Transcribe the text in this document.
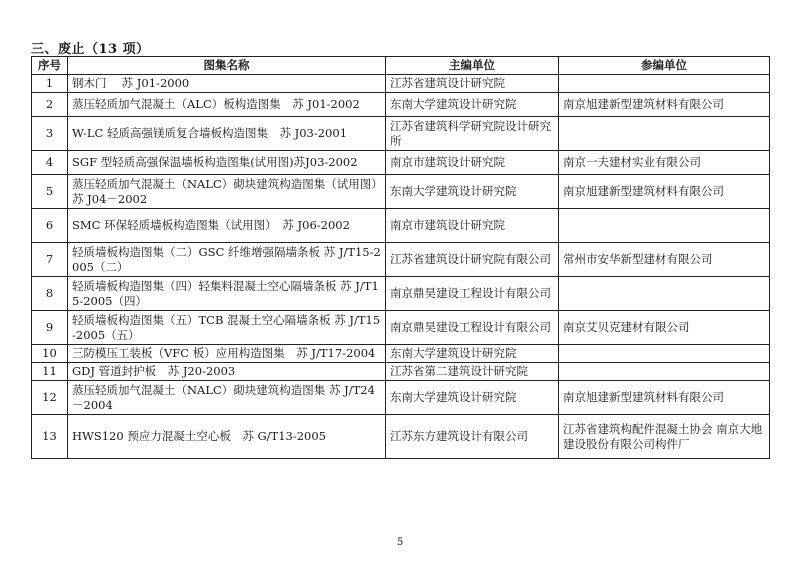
三、废止（13 项）
序号	图集名称	主编单位	参编单位
1	钢木门　 苏 J01-2000	江苏省建筑设计研究院	
2	蒸压轻质加气混凝土（ALC）板构造图集　苏 J01-2002	东南大学建筑设计研究院	南京旭建新型建筑材料有限公司
3	W-LC 轻质高强镁质复合墙板构造图集　苏 J03-2001	江苏省建筑科学研究院设计研究所	
4	SGF 型轻质高强保温墙板构造图集(试用图)苏J03-2002	南京市建筑设计研究院	南京一夫建材实业有限公司
5	蒸压轻质加气混凝土（NALC）砌块建筑构造图集（试用图）苏 J04－2002	东南大学建筑设计研究院	南京旭建新型建筑材料有限公司
6	SMC 环保轻质墙板构造图集（试用图）　苏 J06-2002	南京市建筑设计研究院	
7	轻质墙板构造图集（二）GSC 纤维增强隔墙条板 苏 J/T15-2005（二）	江苏省建筑设计研究院有限公司	常州市安华新型建材有限公司
8	轻质墙板构造图集（四）轻集料混凝土空心隔墙条板 苏 J/T15-2005（四）	南京鼎昊建设工程设计有限公司	
9	轻质墙板构造图集（五）TCB 混凝土空心隔墙条板 苏 J/T15-2005（五）	南京鼎昊建设工程设计有限公司	南京艾贝克建材有限公司
10	三防模压工装板（VFC 板）应用构造图集　苏 J/T17-2004	东南大学建筑设计研究院	
11	GDJ 管道封护板　苏 J20-2003	江苏省第二建筑设计研究院	
12	蒸压轻质加气混凝土（NALC）砌块建筑构造图集 苏 J/T24－2004	东南大学建筑设计研究院	南京旭建新型建筑材料有限公司
13	HWS120 预应力混凝土空心板　苏 G/T13-2005	江苏东方建筑设计有限公司	江苏省建筑构配件混凝土协会 南京大地建设股份有限公司构件厂
5
